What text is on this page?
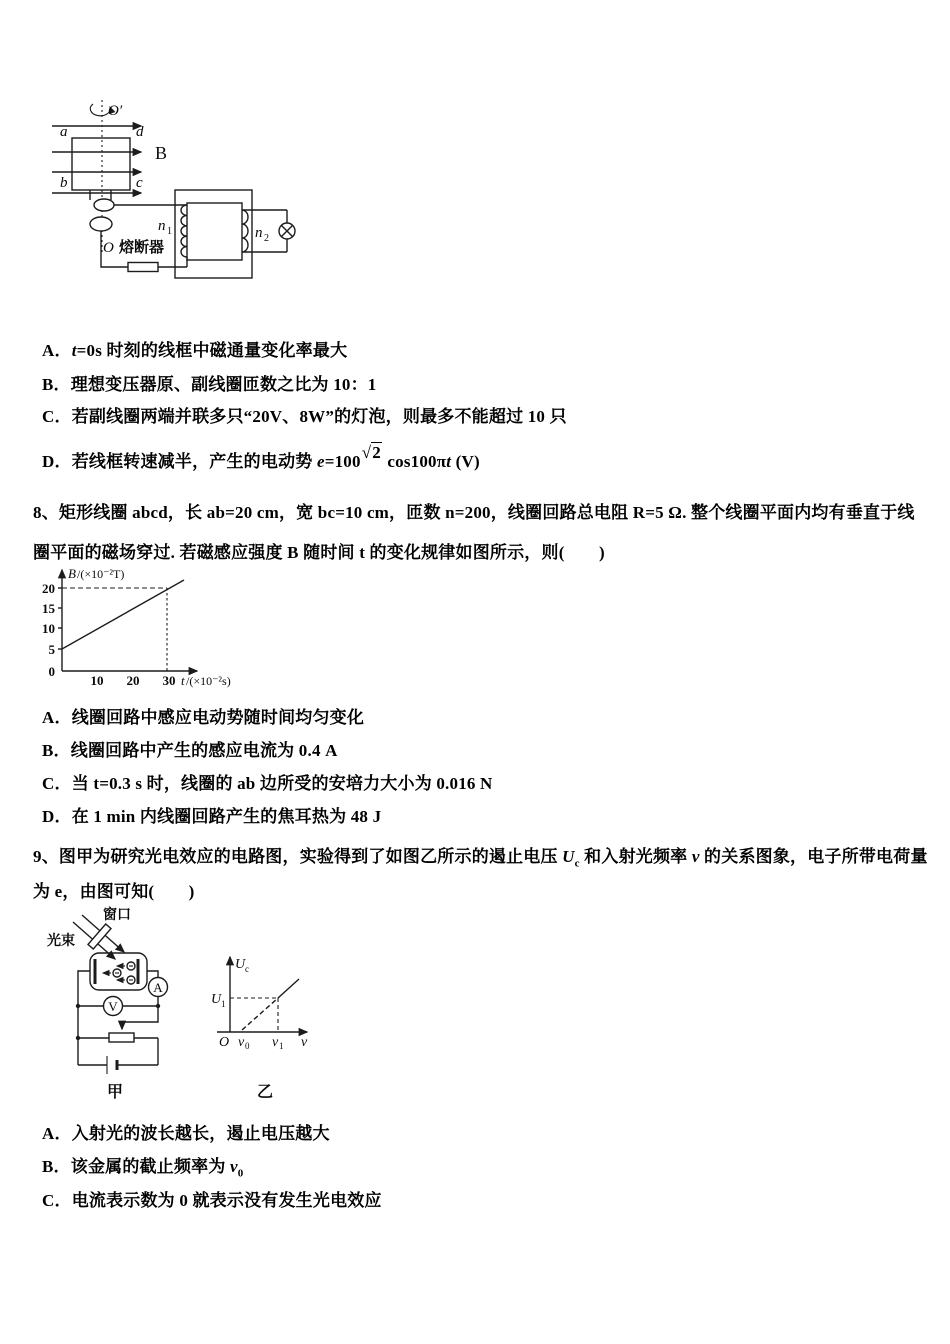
O′
B
a	d
b	c
O 熔断器
n 1	n 2
A．t=0s 时刻的线框中磁通量变化率最大
B．理想变压器原、副线圈匝数之比为 10：1
C．若副线圈两端并联多只“20V、8W”的灯泡，则最多不能超过 10 只
D．若线框转速减半，产生的电动势 e=100√2 cos100πt (V)
8、矩形线圈 abcd，长 ab=20 cm，宽 bc=10 cm，匝数 n=200，线圈回路总电阻 R=5 Ω. 整个线圈平面内均有垂直于线
圈平面的磁场穿过. 若磁感应强度 B 随时间 t 的变化规律如图所示，则(　　)
B /(×10⁻²T)
20
15
10
5
0
10 20 30 t /(×10⁻²s)
A．线圈回路中感应电动势随时间均匀变化
B．线圈回路中产生的感应电流为 0.4 A
C．当 t=0.3 s 时，线圈的 ab 边所受的安培力大小为 0.016 N
D．在 1 min 内线圈回路产生的焦耳热为 48 J
9、图甲为研究光电效应的电路图，实验得到了如图乙所示的遏止电压 $U_c$ 和入射光频率 v 的关系图象，电子所带电荷量
为 e，由图可知(　　)
窗口
光束
A
V
甲
U c
U 1
O v 0 v 1 v
乙
A．入射光的波长越长，遏止电压越大
B．该金属的截止频率为 $v_0$
C．电流表示数为 0 就表示没有发生光电效应
